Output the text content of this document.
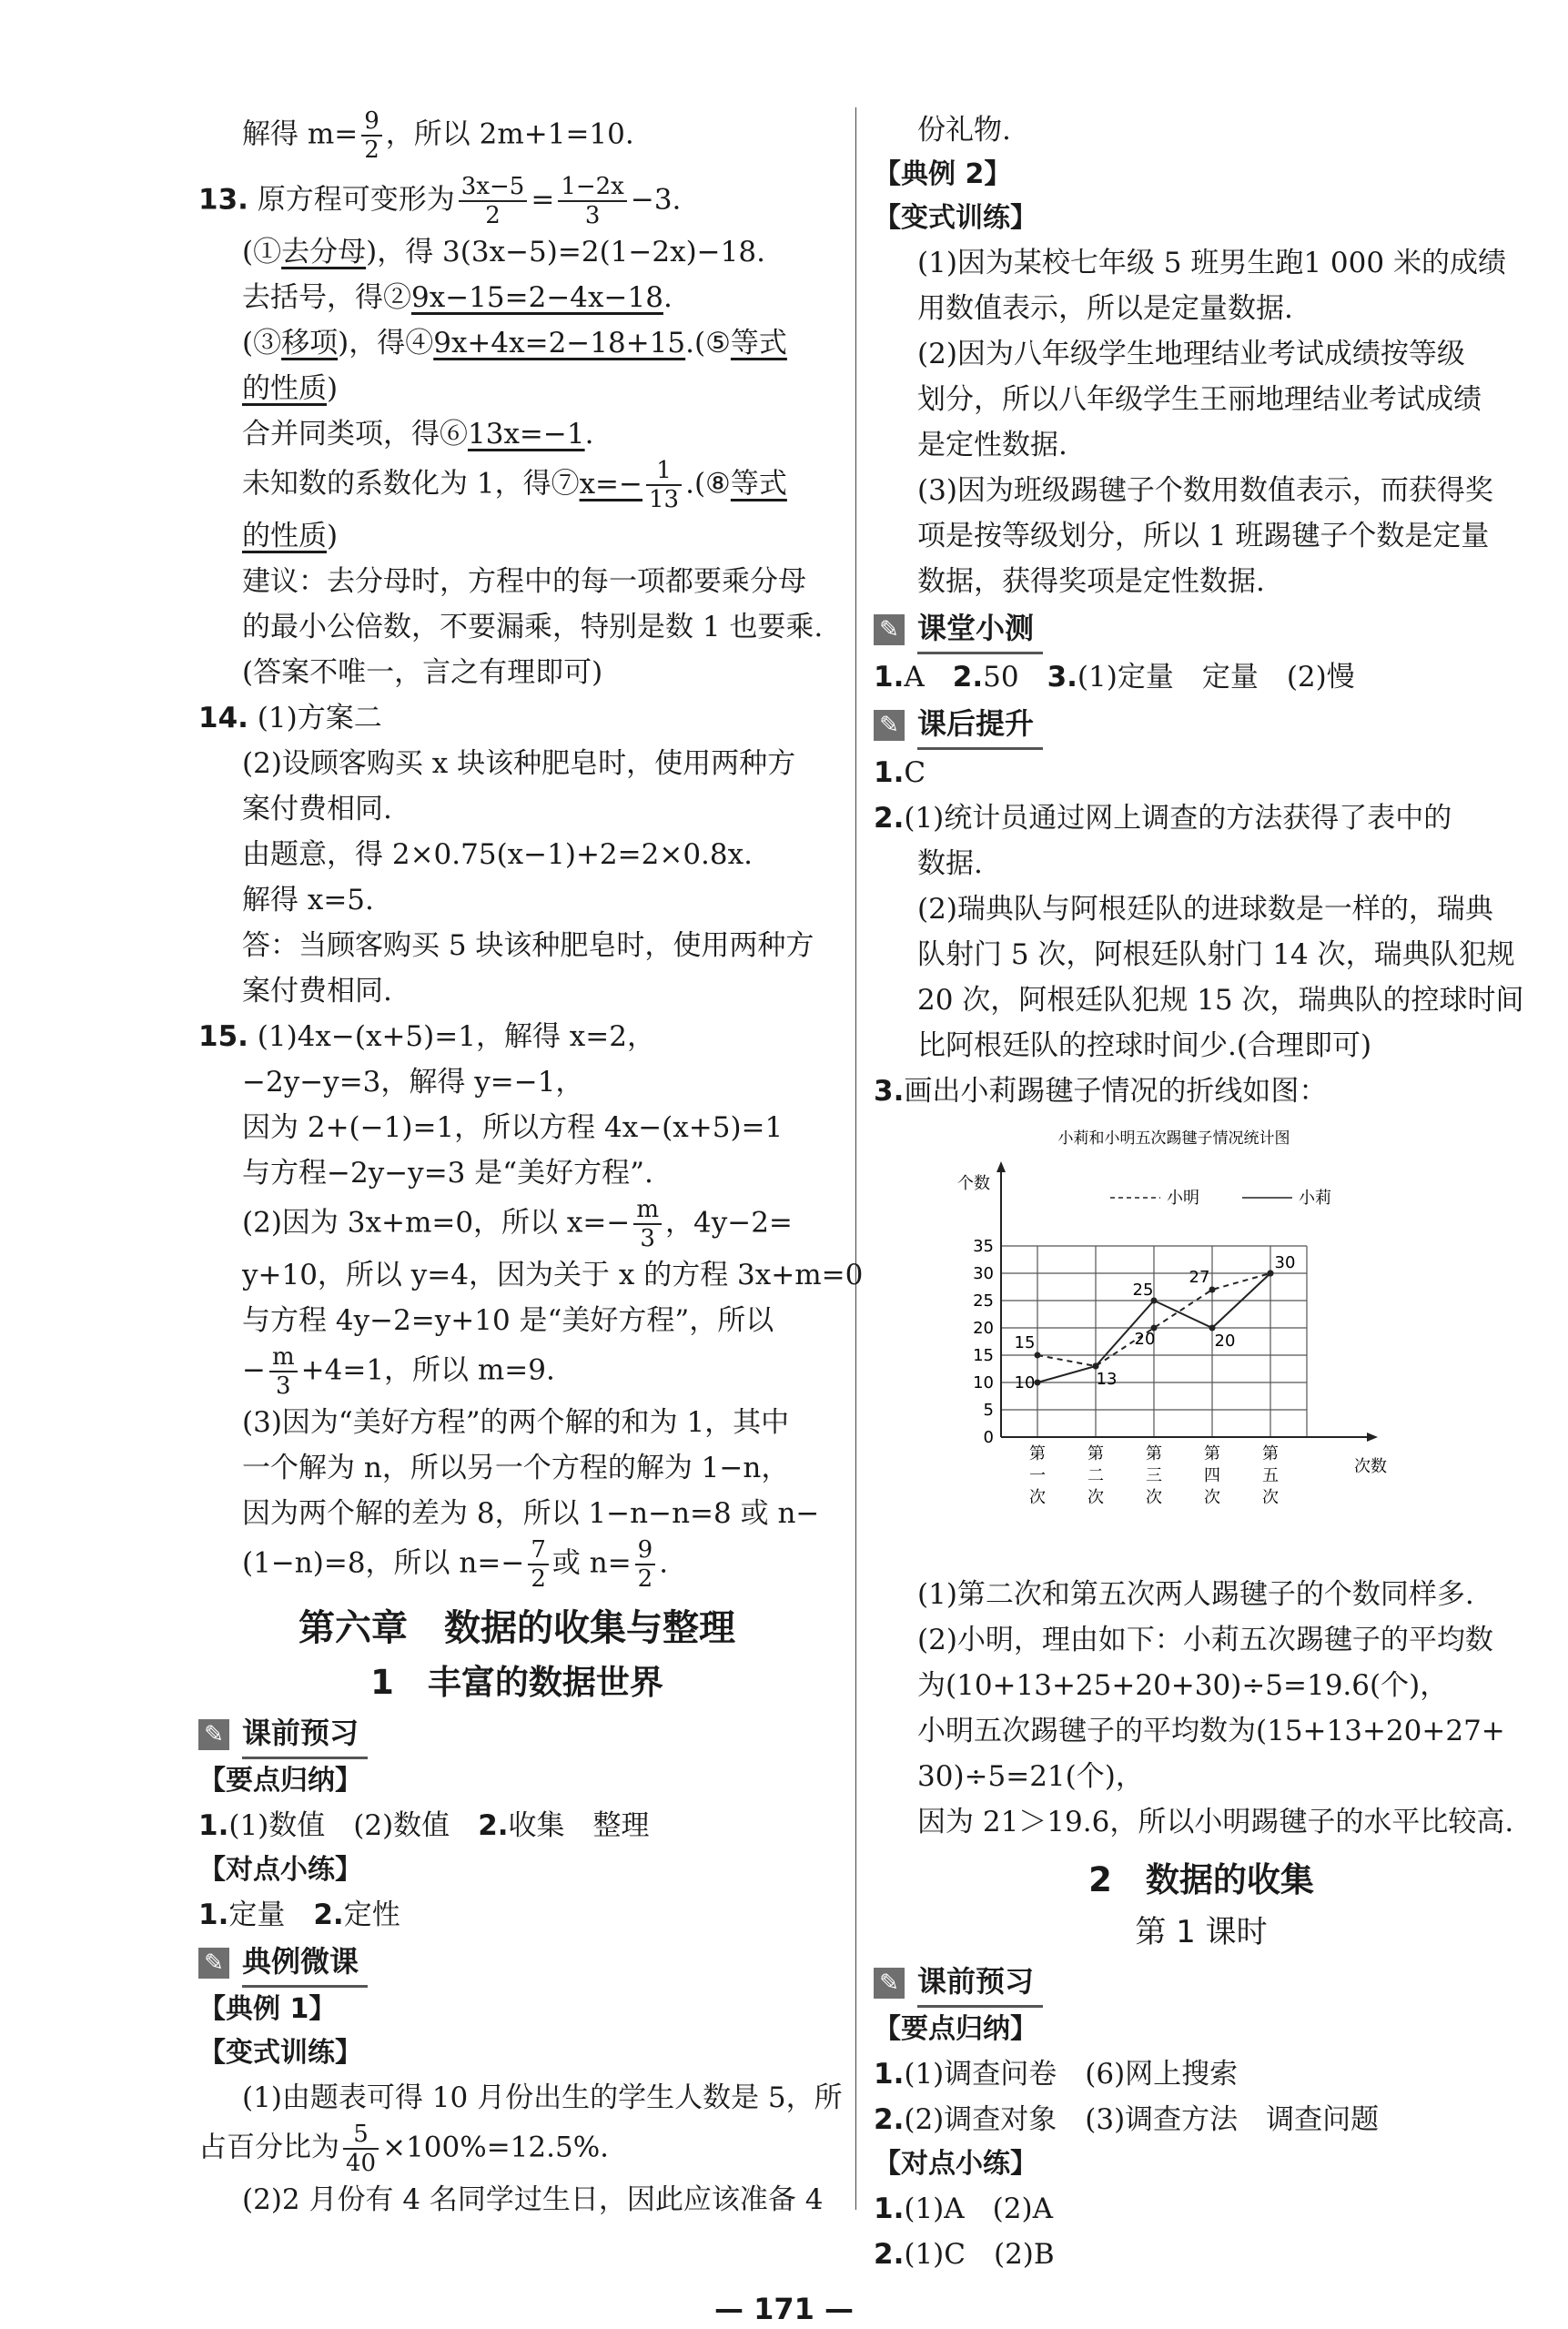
解得 $m= \frac{9}{2}$ ，所以 2m+1=10.

13. 原方程可变形为 $\frac{3x-5}{2} = \frac{1-2x}{3} -3$.

(①去分母)，得 3(3x−5)=2(1−2x)−18.

去括号，得②9x−15=2−4x−18.

(③移项)，得④9x+4x=2−18+15.(⑤等式

的性质)

合并同类项，得⑥13x=−1.

未知数的系数化为 1，得⑦x=− $\frac{1}{13}$ .(⑧等式

的性质)

建议：去分母时，方程中的每一项都要乘分母

的最小公倍数，不要漏乘，特别是数 1 也要乘.

(答案不唯一，言之有理即可)

14. (1)方案二

(2)设顾客购买 x 块该种肥皂时，使用两种方

案付费相同.

由题意，得 2×0.75(x−1)+2=2×0.8x.

解得 x=5.

答：当顾客购买 5 块该种肥皂时，使用两种方

案付费相同.

15. (1)4x−(x+5)=1，解得 x=2，

−2y−y=3，解得 y=−1，

因为 2+(−1)=1，所以方程 4x−(x+5)=1

与方程−2y−y=3 是“美好方程”.

(2)因为 3x+m=0，所以 $x=- \frac{m}{3}$ ，4y−2=

y+10，所以 y=4，因为关于 x 的方程 3x+m=0

与方程 4y−2=y+10 是“美好方程”，所以

− $\frac{m}{3} +4=1$，所以 m=9.

(3)因为“美好方程”的两个解的和为 1，其中

一个解为 n，所以另一个方程的解为 1−n，

因为两个解的差为 8，所以 1−n−n=8 或 n−

(1−n)=8，所以 $n=- \frac{7}{2}$ 或 $n= \frac{9}{2}$ .

第六章　数据的收集与整理
1　丰富的数据世界
✎ 课前预习
【要点归纳】

1.(1)数值　(2)数值　2.收集　整理

【对点小练】

1.定量　2.定性

✎ 典例微课
【典例 1】
【变式训练】

(1)由题表可得 10 月份出生的学生人数是 5，所

占百分比为 $\frac{5}{40} \times 100\%=12.5\%$.

(2)2 月份有 4 名同学过生日，因此应该准备 4

份礼物.

【典例 2】
【变式训练】

(1)因为某校七年级 5 班男生跑1 000 米的成绩

用数值表示，所以是定量数据.

(2)因为八年级学生地理结业考试成绩按等级

划分，所以八年级学生王丽地理结业考试成绩

是定性数据.

(3)因为班级踢毽子个数用数值表示，而获得奖

项是按等级划分，所以 1 班踢毽子个数是定量

数据，获得奖项是定性数据.

✎ 课堂小测

1.A　2.50　3.(1)定量　定量　(2)慢

✎ 课后提升

1.C

2.(1)统计员通过网上调查的方法获得了表中的

数据.

(2)瑞典队与阿根廷队的进球数是一样的，瑞典

队射门 5 次，阿根廷队射门 14 次，瑞典队犯规

20 次，阿根廷队犯规 15 次，瑞典队的控球时间

比阿根廷队的控球时间少.(合理即可)

3.画出小莉踢毽子情况的折线如图：

小莉和小明五次踢毽子情况统计图
0
5
10
15
20
25
30
35
个数
次数
第
一
次
第
二
次
第
三
次
第
四
次
第
五
次
小明	小莉
15	20
27
10	13
25
20
30

(1)第二次和第五次两人踢毽子的个数同样多.

(2)小明，理由如下：小莉五次踢毽子的平均数

为(10+13+25+20+30)÷5=19.6(个)，

小明五次踢毽子的平均数为(15+13+20+27+

30)÷5=21(个)，

因为 21＞19.6，所以小明踢毽子的水平比较高.

2　数据的收集
第 1 课时
✎ 课前预习
【要点归纳】

1.(1)调查问卷　(6)网上搜索

2.(2)调查对象　(3)调查方法　调查问题

【对点小练】

1.(1)A　(2)A

2.(1)C　(2)B

— 171 —
